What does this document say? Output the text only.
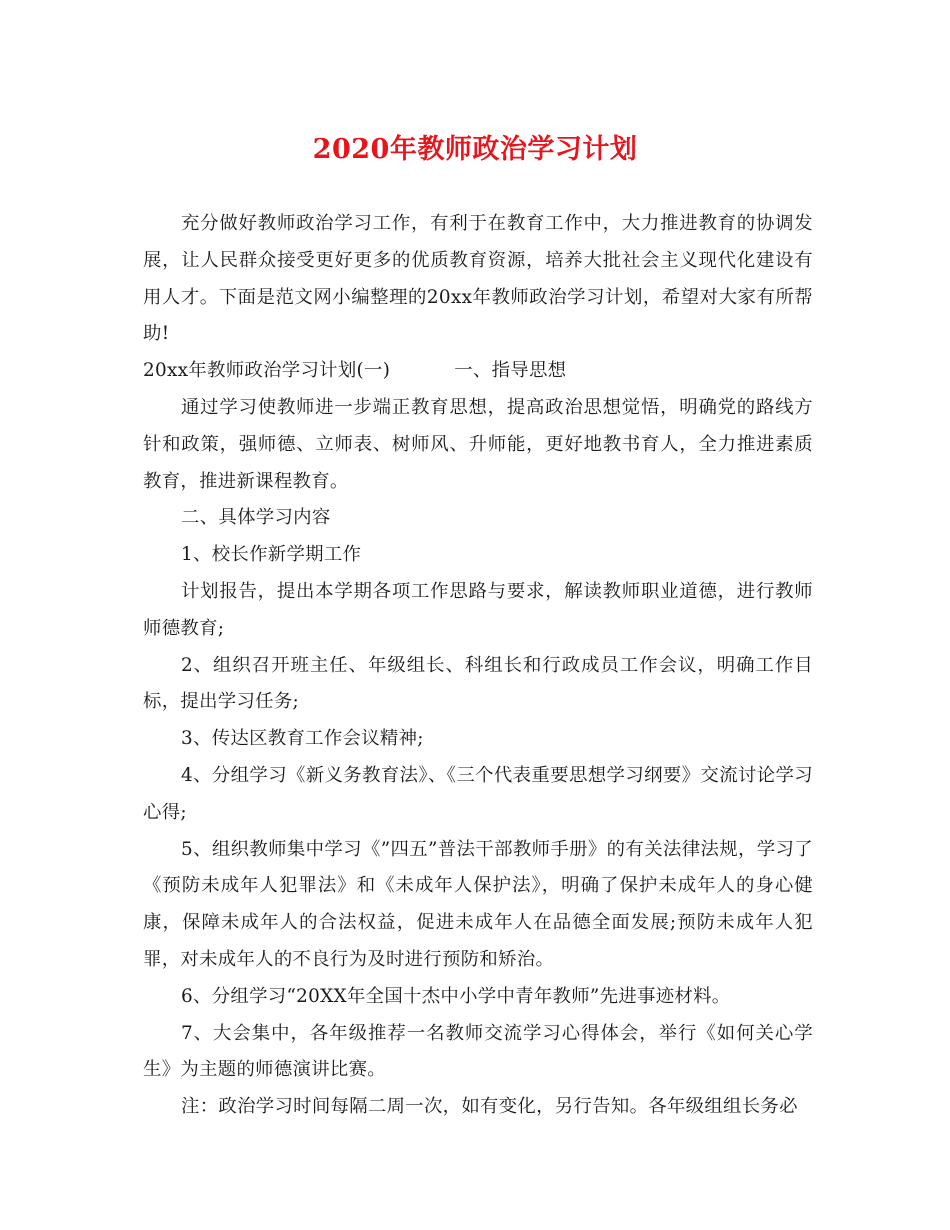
2020年教师政治学习计划

充分做好教师政治学习工作，有利于在教育工作中，大力推进教育的协调发展，让人民群众接受更好更多的优质教育资源，培养大批社会主义现代化建设有用人才。下面是范文网小编整理的20xx年教师政治学习计划，希望对大家有所帮助!

20xx年教师政治学习计划(一)	一、指导思想

通过学习使教师进一步端正教育思想，提高政治思想觉悟，明确党的路线方针和政策，强师德、立师表、树师风、升师能，更好地教书育人，全力推进素质教育，推进新课程教育。

二、具体学习内容

1、校长作新学期工作

计划报告，提出本学期各项工作思路与要求，解读教师职业道德，进行教师师德教育;

2、组织召开班主任、年级组长、科组长和行政成员工作会议，明确工作目标，提出学习任务;

3、传达区教育工作会议精神;

4、分组学习《新义务教育法》、《三个代表重要思想学习纲要》交流讨论学习心得;

5、组织教师集中学习《”四五”普法干部教师手册》的有关法律法规，学习了《预防未成年人犯罪法》和《未成年人保护法》，明确了保护未成年人的身心健康，保障未成年人的合法权益，促进未成年人在品德全面发展;预防未成年人犯罪，对未成年人的不良行为及时进行预防和矫治。

6、分组学习“20XX年全国十杰中小学中青年教师”先进事迹材料。

7、大会集中，各年级推荐一名教师交流学习心得体会，举行《如何关心学生》为主题的师德演讲比赛。

注：政治学习时间每隔二周一次，如有变化，另行告知。各年级组组长务必
